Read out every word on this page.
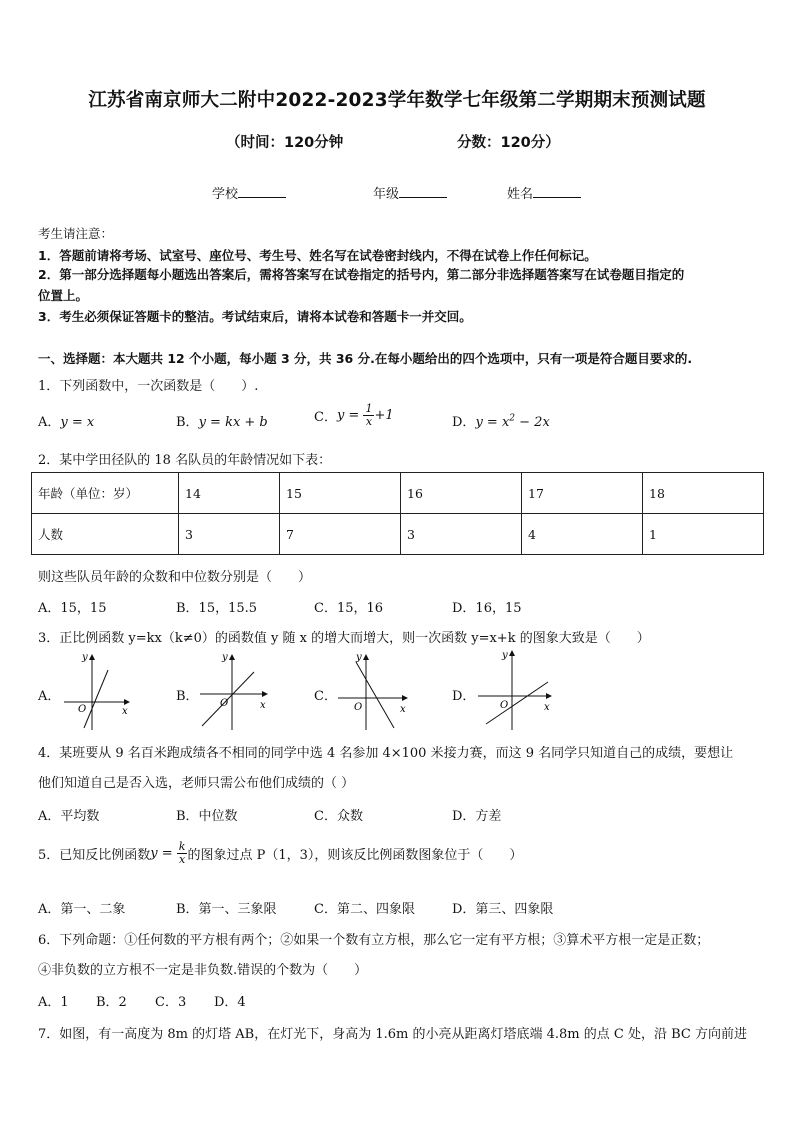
江苏省南京师大二附中2022-2023学年数学七年级第二学期期末预测试题
（时间：120分钟	分数：120分）
学校	年级	姓名
考生请注意：
1．答题前请将考场、试室号、座位号、考生号、姓名写在试卷密封线内，不得在试卷上作任何标记。
2．第一部分选择题每小题选出答案后，需将答案写在试卷指定的括号内，第二部分非选择题答案写在试卷题目指定的
位置上。
3．考生必须保证答题卡的整洁。考试结束后，请将本试卷和答题卡一并交回。
一、选择题：本大题共 12 个小题，每小题 3 分，共 36 分.在每小题给出的四个选项中，只有一项是符合题目要求的.
1．下列函数中，一次函数是（　　）.
A．y = x	B．y = kx + b	C．$y = \frac{1}{x} +1$	D．$y = x^2 - 2x$
2．某中学田径队的 18 名队员的年龄情况如下表：
年龄（单位：岁）	14	15	16	17	18
人数	3	7	3	4	1
则这些队员年龄的众数和中位数分别是（　　）
A．15，15	B．15，15.5	C．15，16	D．16，15
3．正比例函数 y=kx（k≠0）的函数值 y 随 x 的增大而增大，则一次函数 y=x+k 的图象大致是（　　）
A．
O	x
y
B． O	x
y
C．
O	x
y
D．
O	x
y
4．某班要从 9 名百米跑成绩各不相同的同学中选 4 名参加 4×100 米接力赛，而这 9 名同学只知道自己的成绩，要想让
他们知道自己是否入选，老师只需公布他们成绩的（ ）
A．平均数	B．中位数	C．众数	D．方差
5．已知反比例函数$y = \frac{k}{x}$ 的图象过点 P（1，3），则该反比例函数图象位于（　　）
A．第一、二象	B．第一、三象限	C．第二、四象限	D．第三、四象限
6．下列命题：①任何数的平方根有两个；②如果一个数有立方根，那么它一定有平方根；③算术平方根一定是正数；
④非负数的立方根不一定是非负数.错误的个数为（　　）
A．1 B．2 C．3 D．4
7．如图，有一高度为 8m 的灯塔 AB，在灯光下，身高为 1.6m 的小亮从距离灯塔底端 4.8m 的点 C 处，沿 BC 方向前进
